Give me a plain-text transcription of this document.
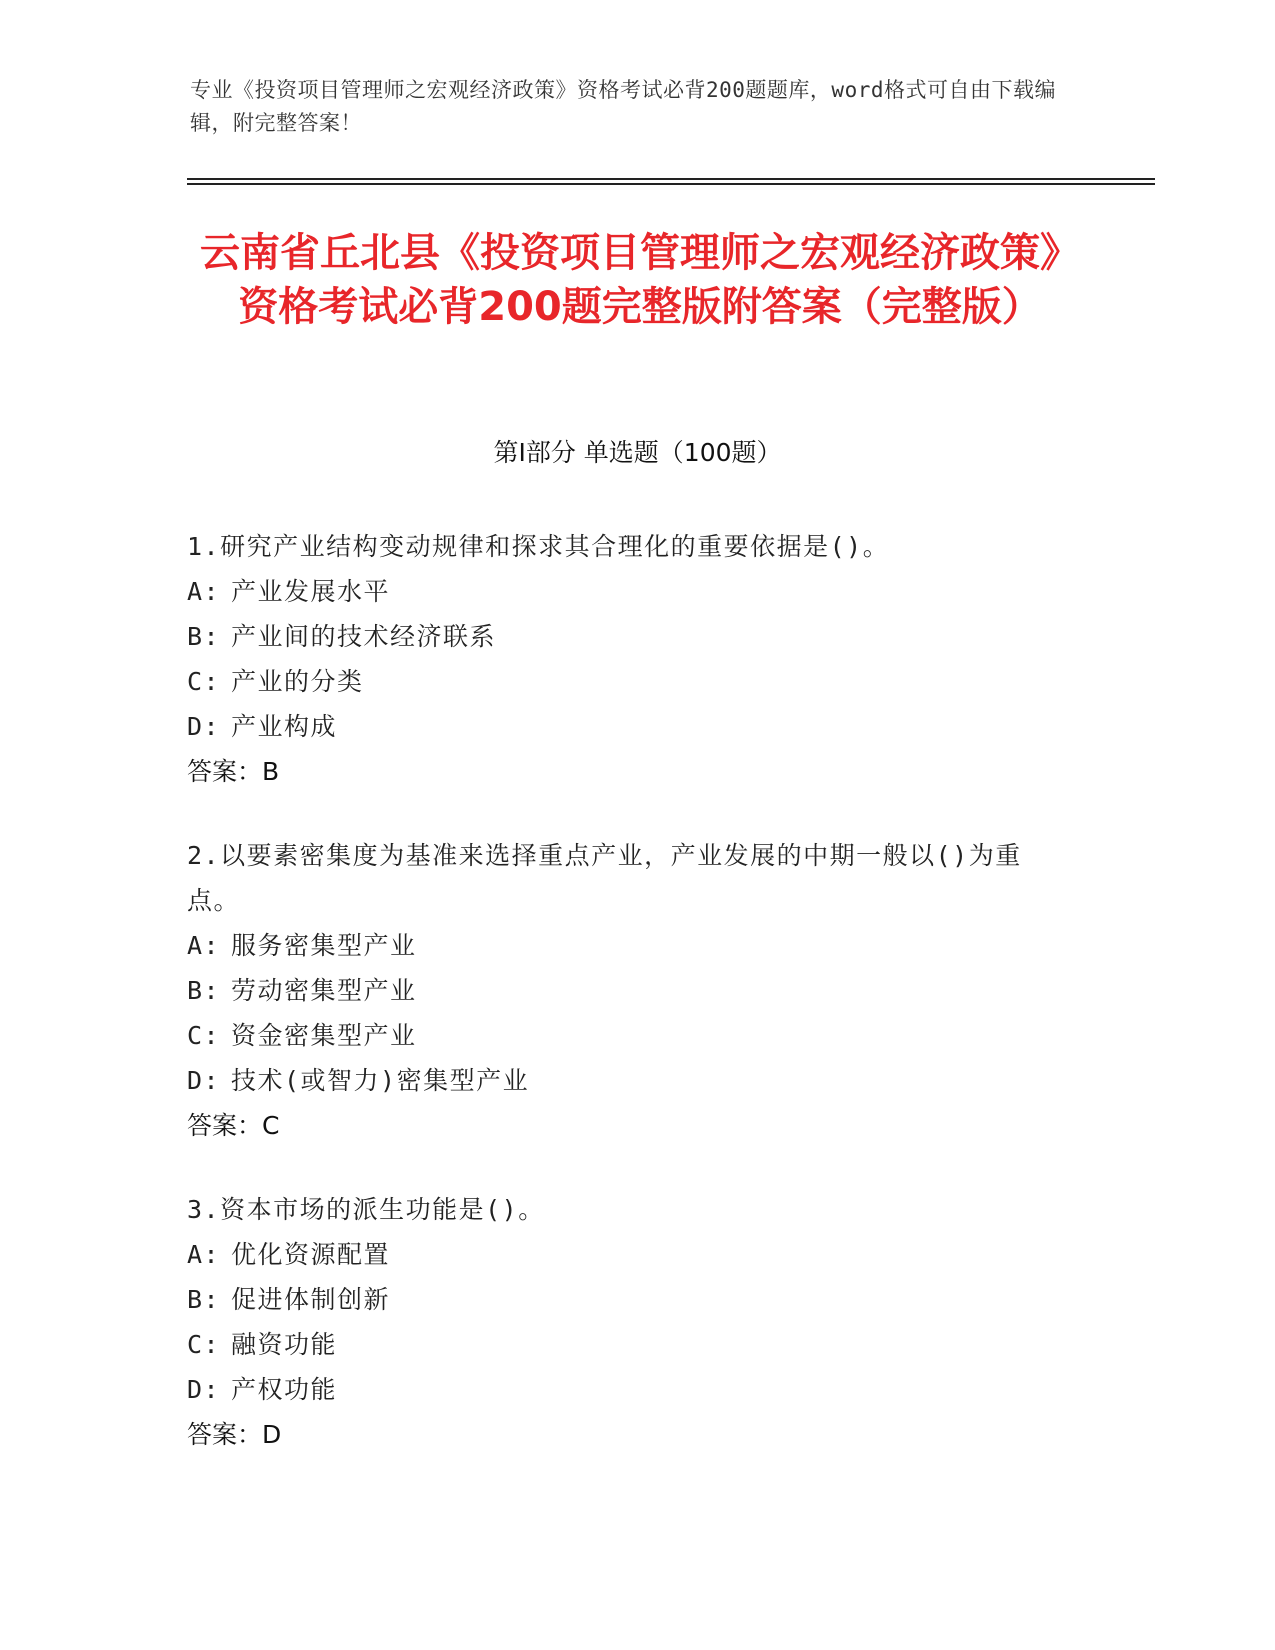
专业《投资项目管理师之宏观经济政策》资格考试必背200题题库，word格式可自由下载编辑，附完整答案！
云南省丘北县《投资项目管理师之宏观经济政策》资格考试必背200题完整版附答案（完整版）
第I部分 单选题（100题）
1.研究产业结构变动规律和探求其合理化的重要依据是()。
A: 产业发展水平
B: 产业间的技术经济联系
C: 产业的分类
D: 产业构成
答案：B
2.以要素密集度为基准来选择重点产业，产业发展的中期一般以()为重点。
A: 服务密集型产业
B: 劳动密集型产业
C: 资金密集型产业
D: 技术(或智力)密集型产业
答案：C
3.资本市场的派生功能是()。
A: 优化资源配置
B: 促进体制创新
C: 融资功能
D: 产权功能
答案：D
